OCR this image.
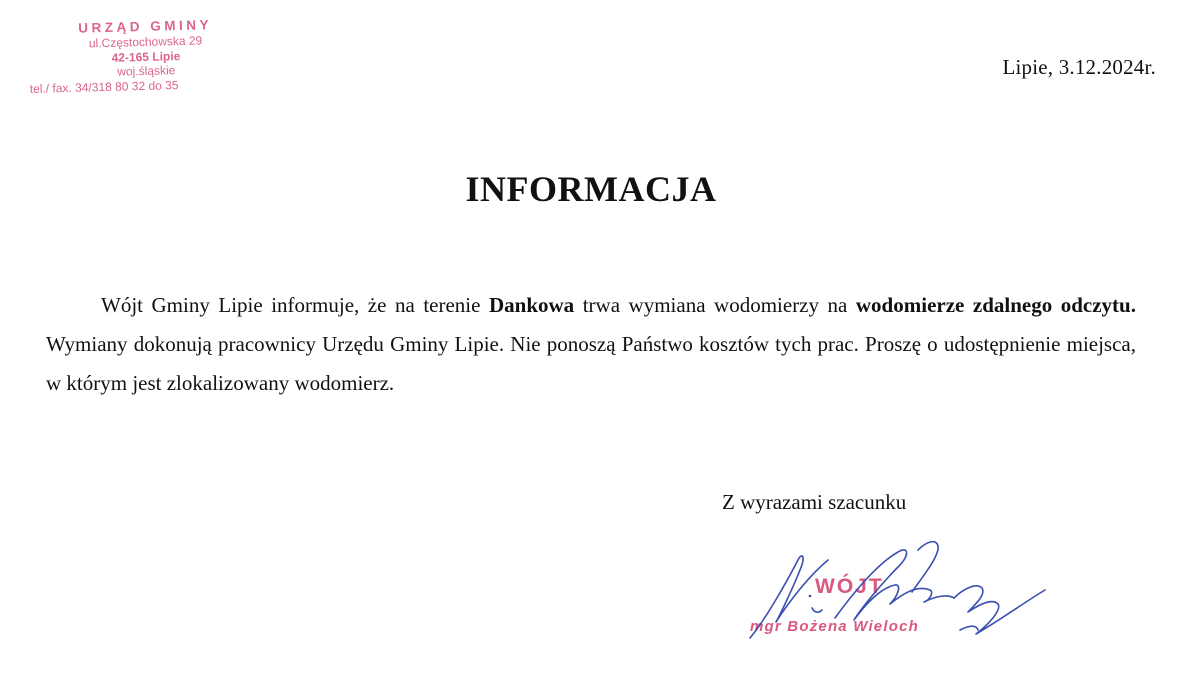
URZĄD GMINY
ul.Częstochowska 29
42-165 Lipie
woj.śląskie
tel./ fax. 34/318 80 32 do 35
Lipie, 3.12.2024r.
INFORMACJA

Wójt Gminy Lipie informuje, że na terenie Dankowa trwa wymiana wodomierzy na wodomierze zdalnego odczytu. Wymiany dokonują pracownicy Urzędu Gminy Lipie. Nie ponoszą Państwo kosztów tych prac. Proszę o udostępnienie miejsca, w którym jest zlokalizowany wodomierz.

Z wyrazami szacunku
WÓJT
mgr Bożena Wieloch
